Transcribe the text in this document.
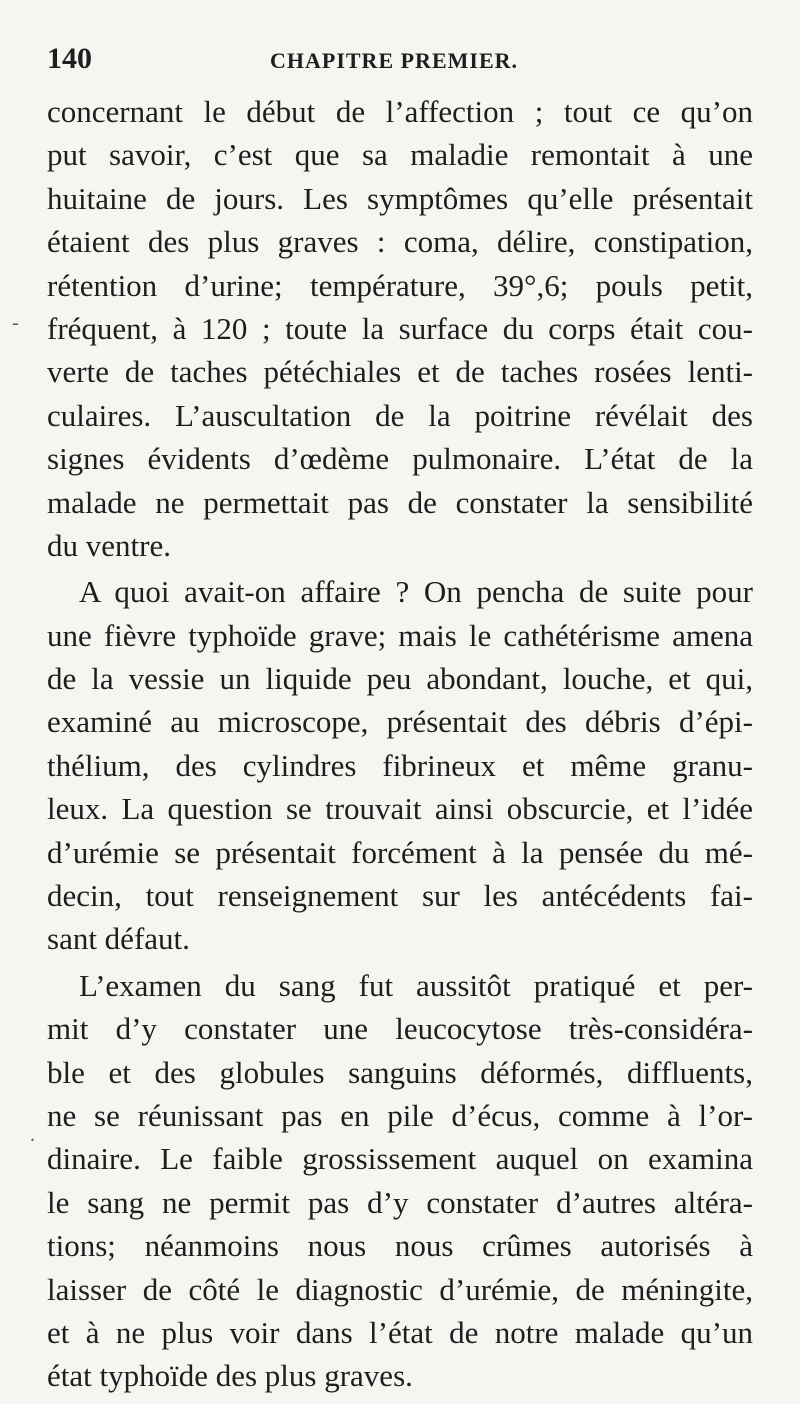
140	CHAPITRE PREMIER.
-
.
concernant le début de l’affection ; tout ce qu’on
put savoir, c’est que sa maladie remontait à une
huitaine de jours. Les symptômes qu’elle présentait
étaient des plus graves : coma, délire, constipation,
rétention d’urine; température, 39°,6; pouls petit,
fréquent, à 120 ; toute la surface du corps était cou-
verte de taches pétéchiales et de taches rosées lenti-
culaires. L’auscultation de la poitrine révélait des
signes évidents d’œdème pulmonaire. L’état de la
malade ne permettait pas de constater la sensibilité
du ventre.
A quoi avait-on affaire ? On pencha de suite pour
une fièvre typhoïde grave; mais le cathétérisme amena
de la vessie un liquide peu abondant, louche, et qui,
examiné au microscope, présentait des débris d’épi-
thélium, des cylindres fibrineux et même granu-
leux. La question se trouvait ainsi obscurcie, et l’idée
d’urémie se présentait forcément à la pensée du mé-
decin, tout renseignement sur les antécédents fai-
sant défaut.
L’examen du sang fut aussitôt pratiqué et per-
mit d’y constater une leucocytose très-considéra-
ble et des globules sanguins déformés, diffluents,
ne se réunissant pas en pile d’écus, comme à l’or-
dinaire. Le faible grossissement auquel on examina
le sang ne permit pas d’y constater d’autres altéra-
tions; néanmoins nous nous crûmes autorisés à
laisser de côté le diagnostic d’urémie, de méningite,
et à ne plus voir dans l’état de notre malade qu’un
état typhoïde des plus graves.
